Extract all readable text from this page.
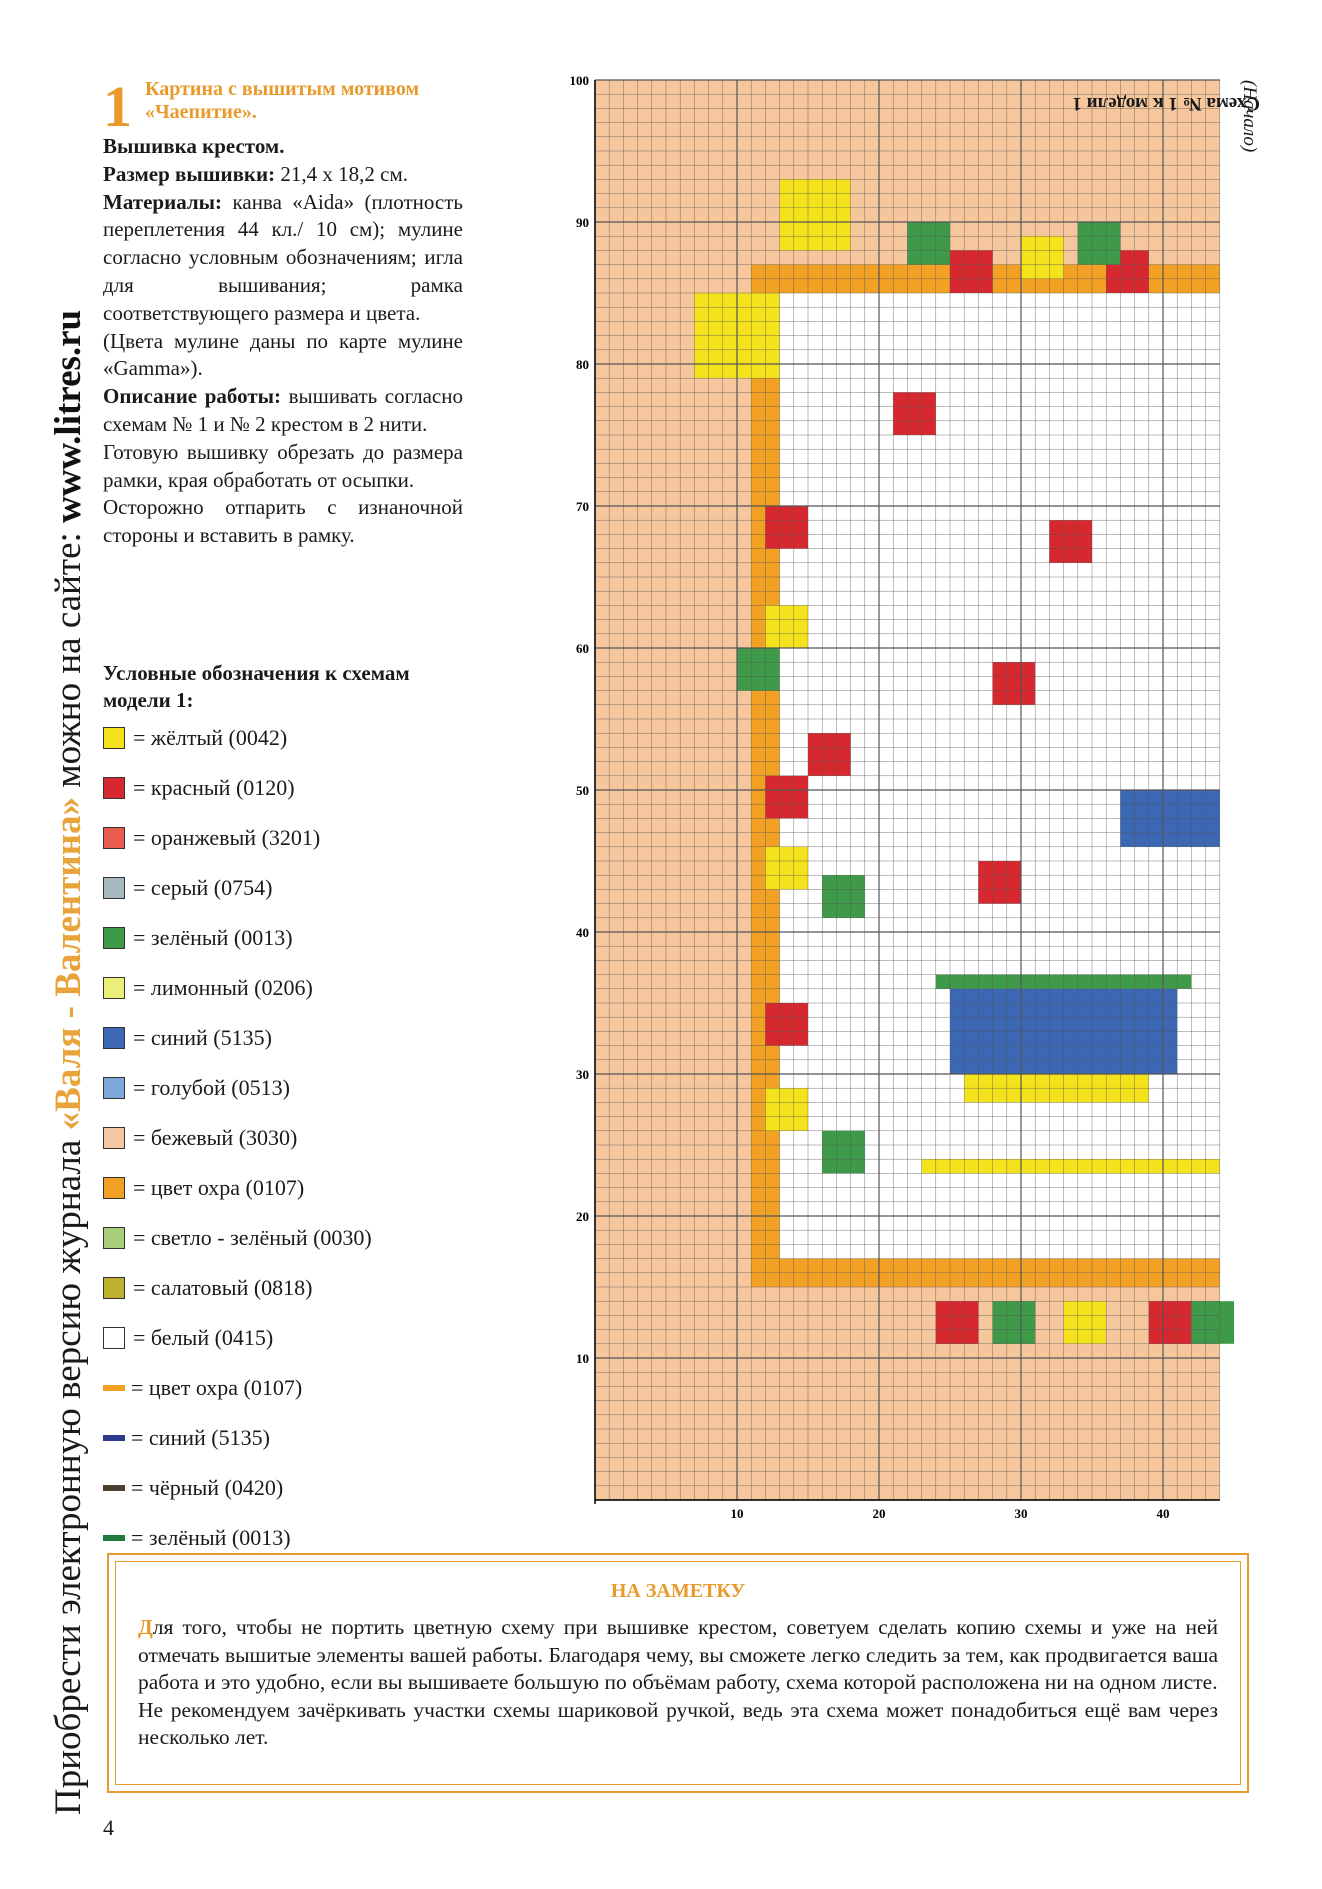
Приобрести электронную версию журнала «Валя - Валентина» можно на сайте: www.litres.ru
1 Картина с вышитым мотивом «Чаепитие».

Вышивка крестом.

Размер вышивки: 21,4 х 18,2 см.

Материалы: канва «Aida» (плотность переплетения 44 кл./ 10 см); мулине согласно условным обозначениям; игла для вышивания; рамка соответствующего размера и цвета.

(Цвета мулине даны по карте мулине «Gamma»).

Описание работы: вышивать согласно схемам № 1 и № 2 крестом в 2 нити.

Готовую вышивку обрезать до размера рамки, края обработать от осыпки.

Осторожно отпарить с изнаночной стороны и вставить в рамку.

Условные обозначения к схемам модели 1:
= жёлтый (0042)
= красный (0120)
= оранжевый (3201)
= серый (0754)
= зелёный (0013)
= лимонный (0206)
= синий (5135)
= голубой (0513)
= бежевый (3030)
= цвет охра (0107)
= светло - зелёный (0030)
= салатовый (0818)
= белый (0415)
= цвет охра (0107)
= синий (5135)
= чёрный (0420)
= зелёный (0013)
100
90
80
70
60
50
40
30
20
10
10	20	30	40
Схема № 1 к модели 1
(Начало)
НА ЗАМЕТКУ

Для того, чтобы не портить цветную схему при вышивке крестом, советуем сделать копию схемы и уже на ней отмечать вышитые элементы вашей работы. Благодаря чему, вы сможете легко следить за тем, как продвигается ваша работа и это удобно, если вы вышиваете большую по объёмам работу, схема которой расположена ни на одном листе.

Не рекомендуем зачёркивать участки схемы шариковой ручкой, ведь эта схема может понадобиться ещё вам через несколько лет.

4
